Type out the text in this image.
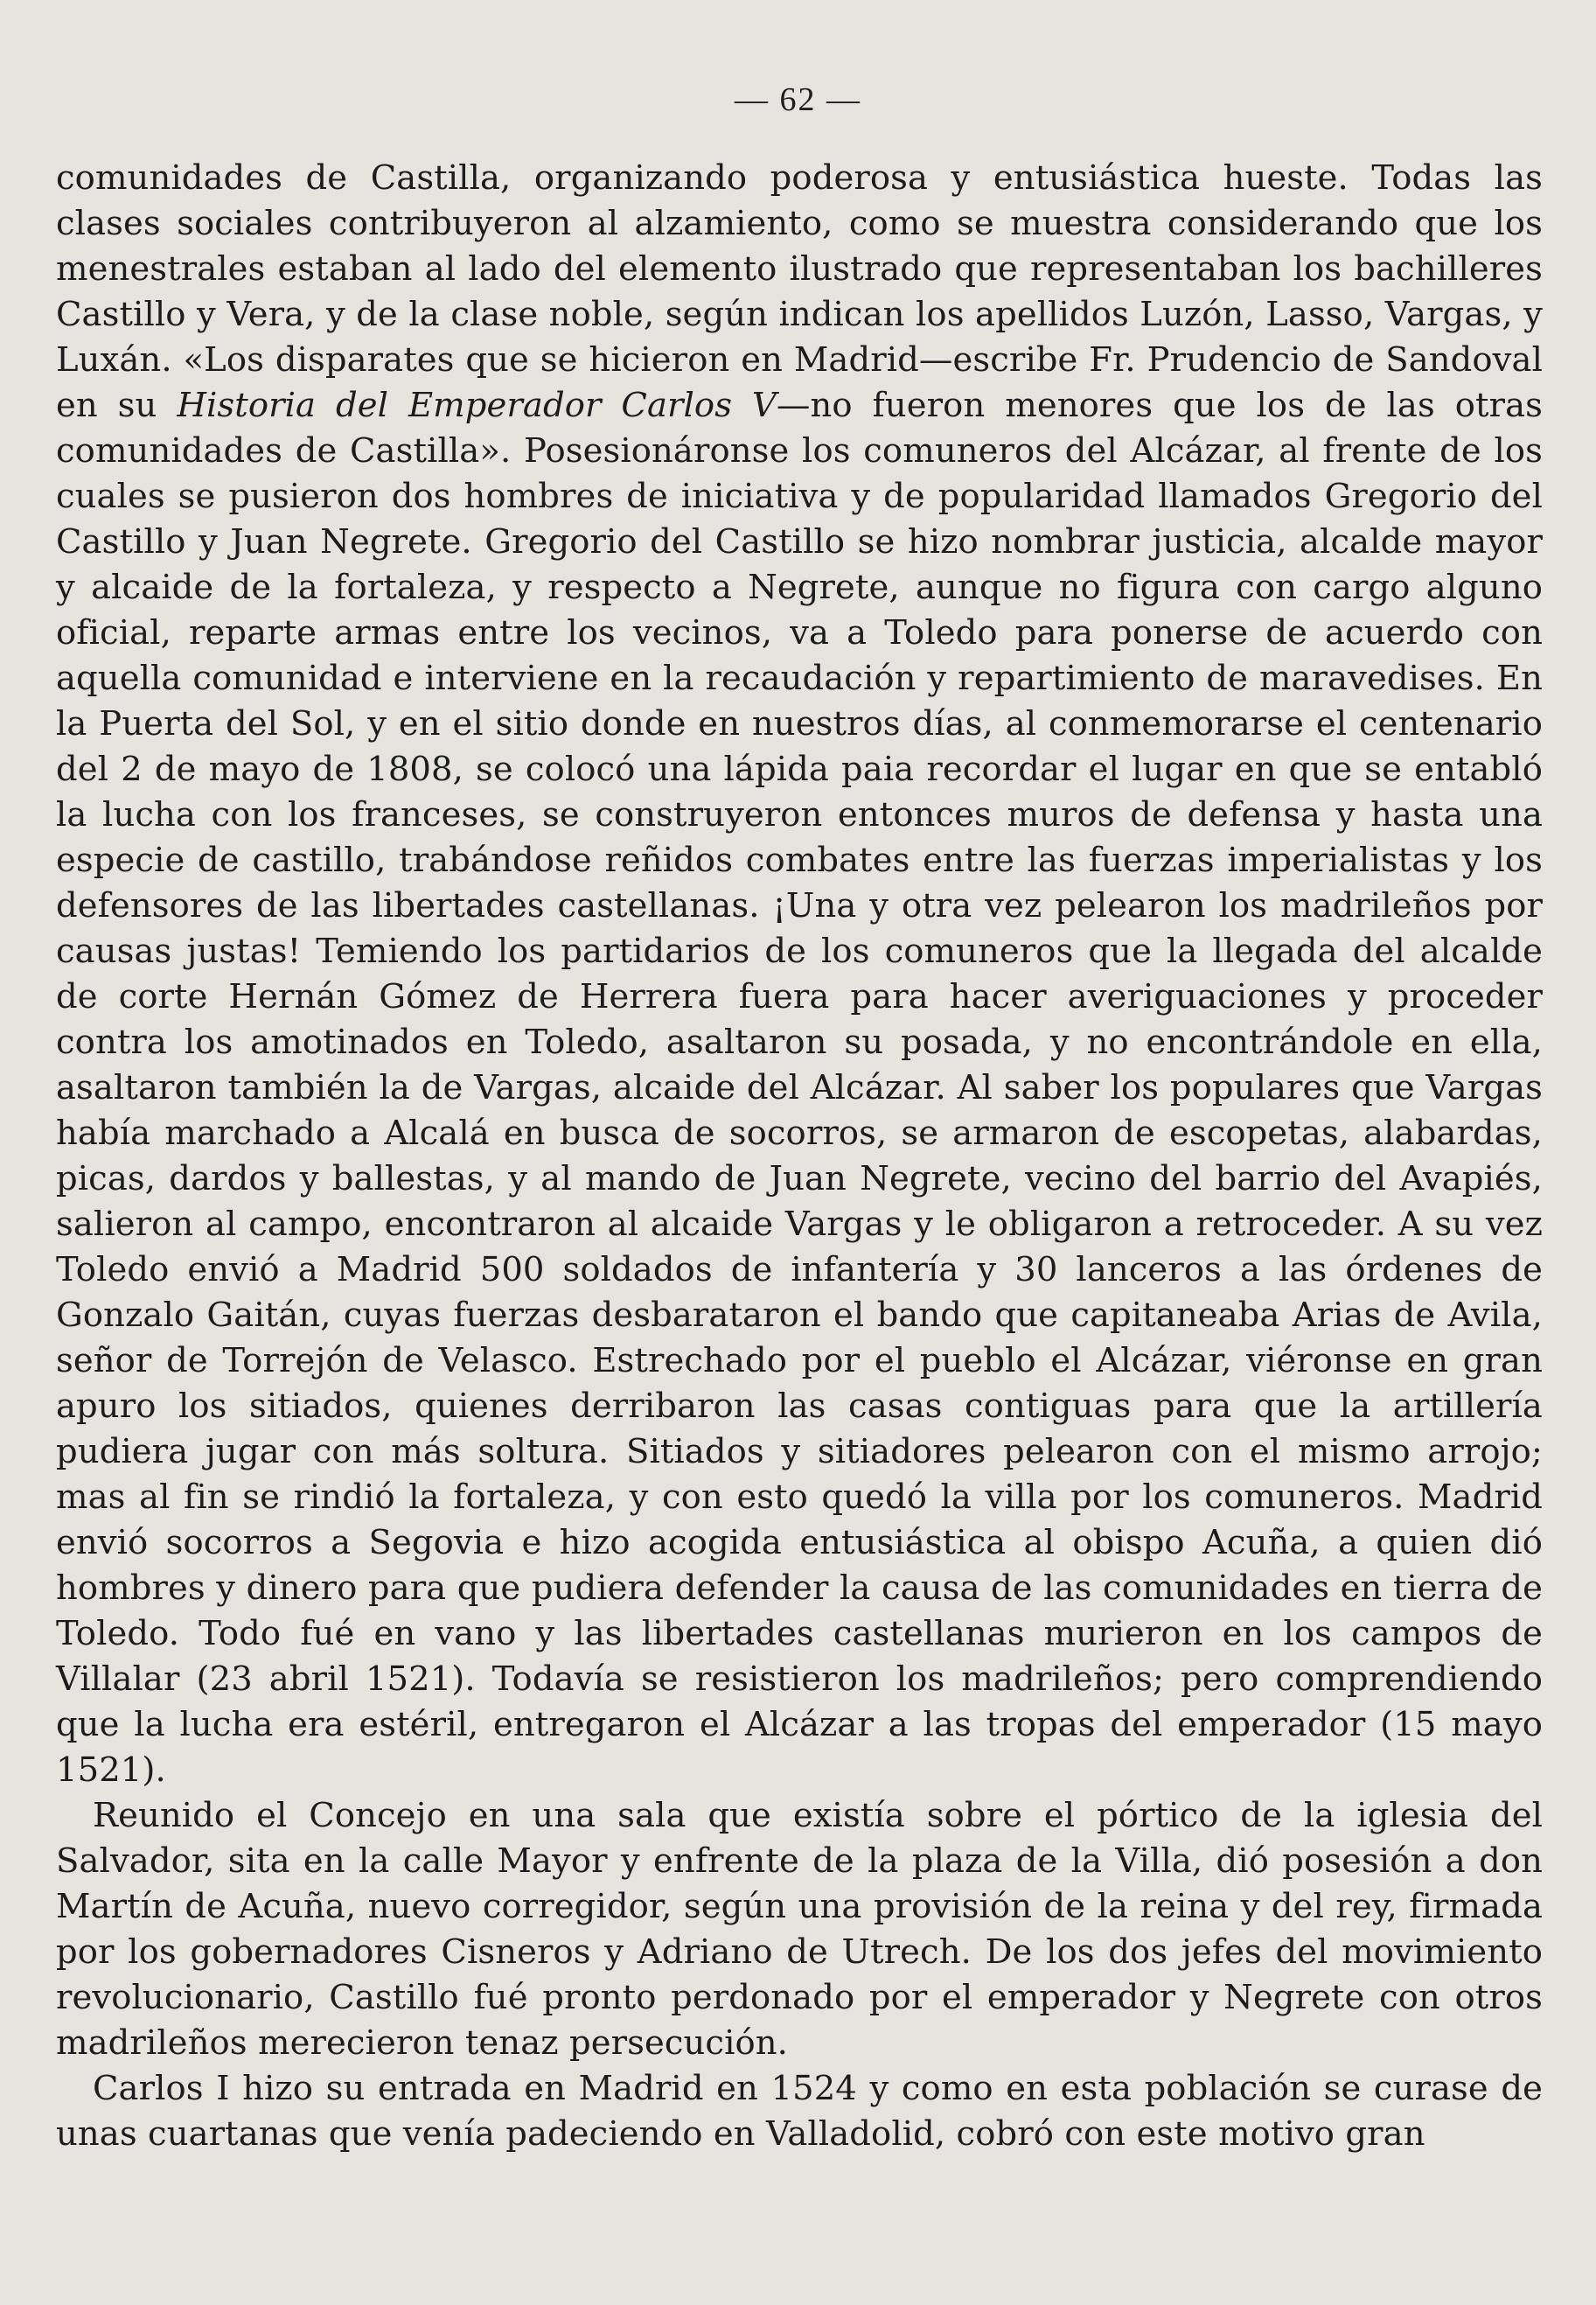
— 62 —

comunidades de Castilla, organizando poderosa y entusiástica hueste. Todas las clases sociales contribuyeron al alzamiento, como se muestra considerando que los menestrales estaban al lado del elemento ilustrado que representaban los bachilleres Castillo y Vera, y de la clase noble, según indican los apellidos Luzón, Lasso, Vargas, y Luxán. «Los disparates que se hicieron en Madrid—escribe Fr. Prudencio de Sandoval en su Historia del Emperador Carlos V—no fueron menores que los de las otras comunidades de Castilla». Posesionáronse los comuneros del Alcázar, al frente de los cuales se pusieron dos hombres de iniciativa y de popularidad llamados Gregorio del Castillo y Juan Negrete. Gregorio del Castillo se hizo nombrar justicia, alcalde mayor y alcaide de la fortaleza, y respecto a Negrete, aunque no figura con cargo alguno oficial, reparte armas entre los vecinos, va a Toledo para ponerse de acuerdo con aquella comunidad e interviene en la recaudación y repartimiento de maravedises. En la Puerta del Sol, y en el sitio donde en nuestros días, al conmemorarse el centenario del 2 de mayo de 1808, se colocó una lápida paia recordar el lugar en que se entabló la lucha con los franceses, se construyeron entonces muros de defensa y hasta una especie de castillo, trabándose reñidos combates entre las fuerzas imperialistas y los defensores de las libertades castellanas. ¡Una y otra vez pelearon los madrileños por causas justas! Temiendo los partidarios de los comuneros que la llegada del alcalde de corte Hernán Gómez de Herrera fuera para hacer averiguaciones y proceder contra los amotinados en Toledo, asaltaron su posada, y no encontrándole en ella, asaltaron también la de Vargas, alcaide del Alcázar. Al saber los populares que Vargas había marchado a Alcalá en busca de socorros, se armaron de escopetas, alabardas, picas, dardos y ballestas, y al mando de Juan Negrete, vecino del barrio del Avapiés, salieron al campo, encontraron al alcaide Vargas y le obligaron a retroceder. A su vez Toledo envió a Madrid 500 soldados de infantería y 30 lanceros a las órdenes de Gonzalo Gaitán, cuyas fuerzas desbarataron el bando que capitaneaba Arias de Avila, señor de Torrejón de Velasco. Estrechado por el pueblo el Alcázar, viéronse en gran apuro los sitiados, quienes derribaron las casas contiguas para que la artillería pudiera jugar con más soltura. Sitiados y sitiadores pelearon con el mismo arrojo; mas al fin se rindió la fortaleza, y con esto quedó la villa por los comuneros. Madrid envió socorros a Segovia e hizo acogida entusiástica al obispo Acuña, a quien dió hombres y dinero para que pudiera defender la causa de las comunidades en tierra de Toledo. Todo fué en vano y las libertades castellanas murieron en los campos de Villalar (23 abril 1521). Todavía se resistieron los madrileños; pero comprendiendo que la lucha era estéril, entregaron el Alcázar a las tropas del emperador (15 mayo 1521).

Reunido el Concejo en una sala que existía sobre el pórtico de la iglesia del Salvador, sita en la calle Mayor y enfrente de la plaza de la Villa, dió posesión a don Martín de Acuña, nuevo corregidor, según una provisión de la reina y del rey, firmada por los gobernadores Cisneros y Adriano de Utrech. De los dos jefes del movimiento revolucionario, Castillo fué pronto perdonado por el emperador y Negrete con otros madrileños merecieron tenaz persecución.

Carlos I hizo su entrada en Madrid en 1524 y como en esta población se curase de unas cuartanas que venía padeciendo en Valladolid, cobró con este motivo gran
